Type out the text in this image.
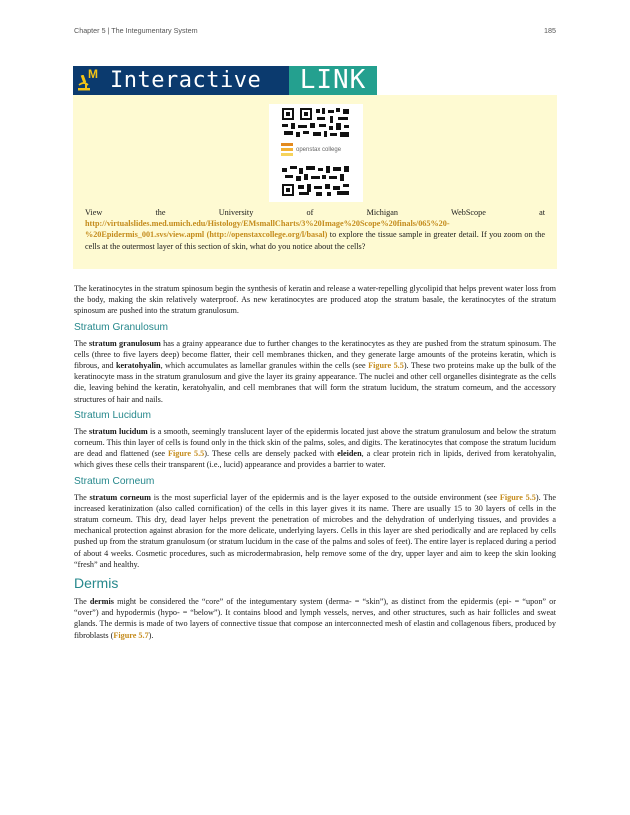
Chapter 5 | The Integumentary System	185
M Interactive	LINK
openstax college
View the University of Michigan WebScope at http://virtualslides.med.umich.edu/Histology/EMsmallCharts/3%20Image%20Scope%20finals/065%20-%20Epidermis_001.svs/view.apml (http://openstaxcollege.org/l/basal) to explore the tissue sample in greater detail. If you zoom on the cells at the outermost layer of this section of skin, what do you notice about the cells?

The keratinocytes in the stratum spinosum begin the synthesis of keratin and release a water-repelling glycolipid that helps prevent water loss from the body, making the skin relatively waterproof. As new keratinocytes are produced atop the stratum basale, the keratinocytes of the stratum spinosum are pushed into the stratum granulosum.

Stratum Granulosum

The stratum granulosum has a grainy appearance due to further changes to the keratinocytes as they are pushed from the stratum spinosum. The cells (three to five layers deep) become flatter, their cell membranes thicken, and they generate large amounts of the proteins keratin, which is fibrous, and keratohyalin, which accumulates as lamellar granules within the cells (see Figure 5.5). These two proteins make up the bulk of the keratinocyte mass in the stratum granulosum and give the layer its grainy appearance. The nuclei and other cell organelles disintegrate as the cells die, leaving behind the keratin, keratohyalin, and cell membranes that will form the stratum lucidum, the stratum corneum, and the accessory structures of hair and nails.

Stratum Lucidum

The stratum lucidum is a smooth, seemingly translucent layer of the epidermis located just above the stratum granulosum and below the stratum corneum. This thin layer of cells is found only in the thick skin of the palms, soles, and digits. The keratinocytes that compose the stratum lucidum are dead and flattened (see Figure 5.5). These cells are densely packed with eleiden, a clear protein rich in lipids, derived from keratohyalin, which gives these cells their transparent (i.e., lucid) appearance and provides a barrier to water.

Stratum Corneum

The stratum corneum is the most superficial layer of the epidermis and is the layer exposed to the outside environment (see Figure 5.5). The increased keratinization (also called cornification) of the cells in this layer gives it its name. There are usually 15 to 30 layers of cells in the stratum corneum. This dry, dead layer helps prevent the penetration of microbes and the dehydration of underlying tissues, and provides a mechanical protection against abrasion for the more delicate, underlying layers. Cells in this layer are shed periodically and are replaced by cells pushed up from the stratum granulosum (or stratum lucidum in the case of the palms and soles of feet). The entire layer is replaced during a period of about 4 weeks. Cosmetic procedures, such as microdermabrasion, help remove some of the dry, upper layer and aim to keep the skin looking “fresh” and healthy.

Dermis

The dermis might be considered the “core” of the integumentary system (derma- = “skin”), as distinct from the epidermis (epi- = “upon” or “over”) and hypodermis (hypo- = “below”). It contains blood and lymph vessels, nerves, and other structures, such as hair follicles and sweat glands. The dermis is made of two layers of connective tissue that compose an interconnected mesh of elastin and collagenous fibers, produced by fibroblasts (Figure 5.7).
